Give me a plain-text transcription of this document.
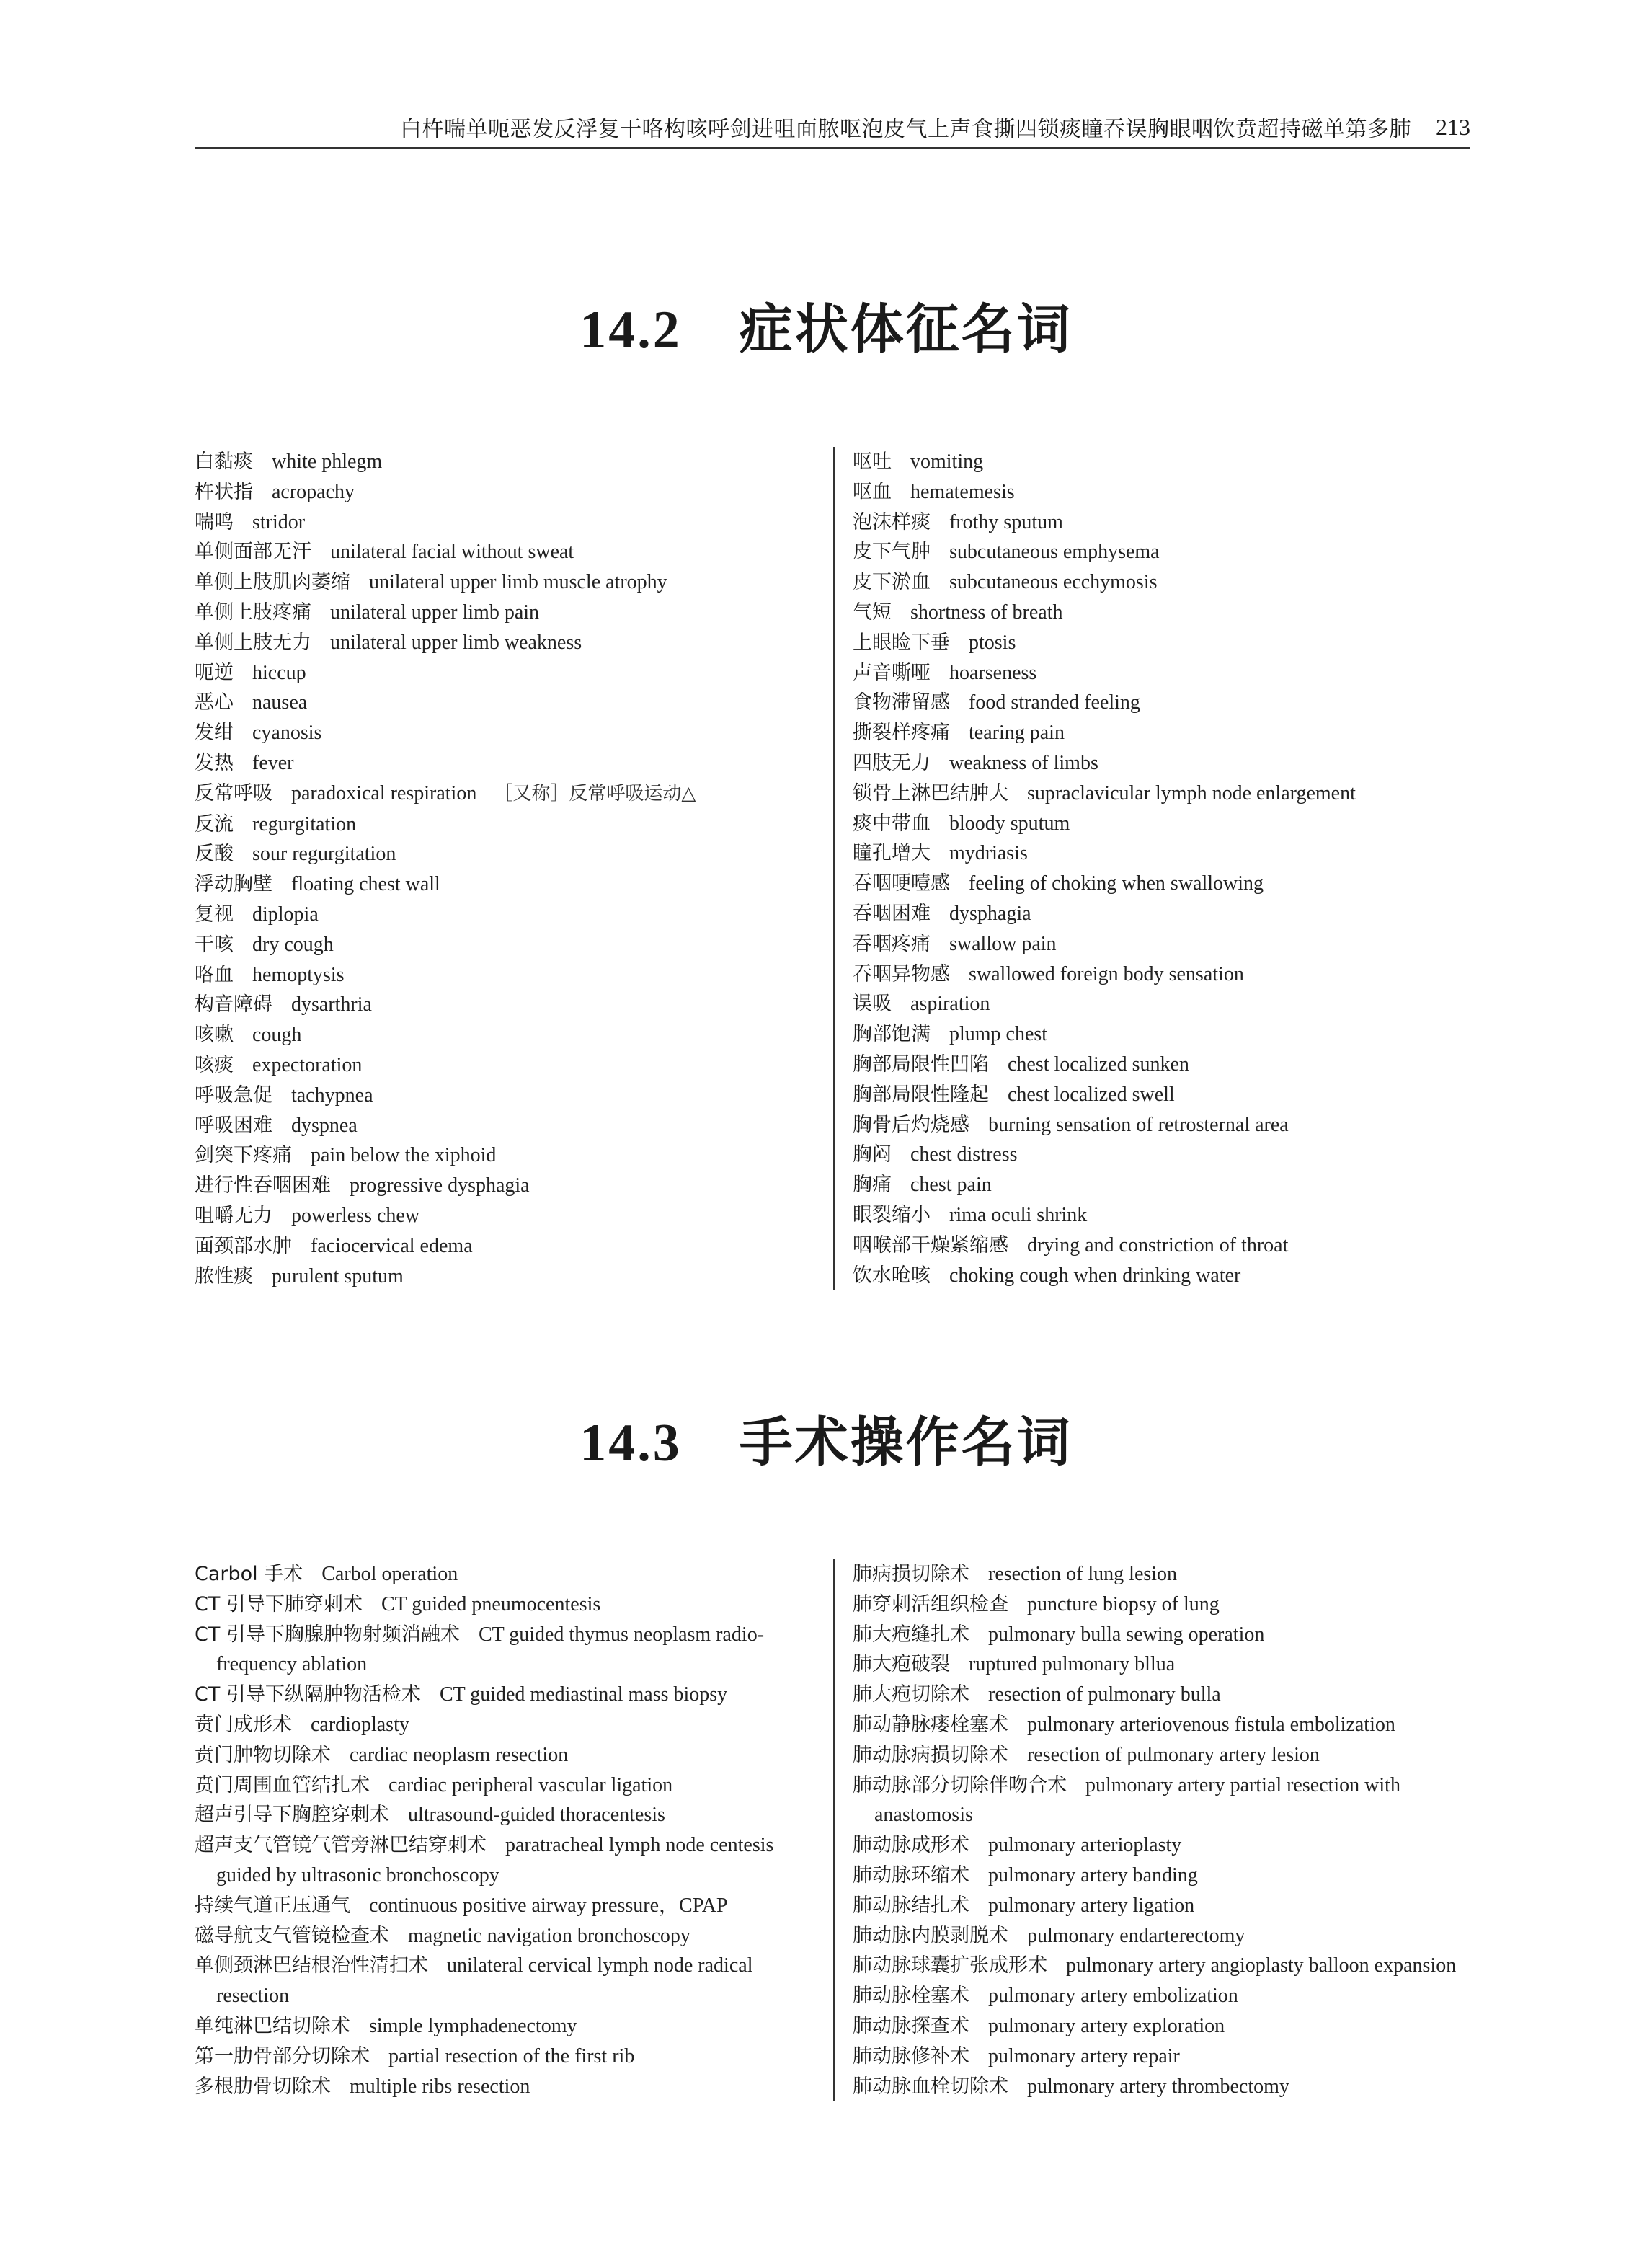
白杵喘单呃恶发反浮复干咯构咳呼剑进咀面脓呕泡皮气上声食撕四锁痰瞳吞误胸眼咽饮贲超持磁单第多肺 213
14.2 症状体征名词
白黏痰 white phlegm
杵状指 acropachy
喘鸣 stridor
单侧面部无汗 unilateral facial without sweat
单侧上肢肌肉萎缩 unilateral upper limb muscle atrophy
单侧上肢疼痛 unilateral upper limb pain
单侧上肢无力 unilateral upper limb weakness
呃逆 hiccup
恶心 nausea
发绀 cyanosis
发热 fever
反常呼吸 paradoxical respiration ［又称］反常呼吸运动△
反流 regurgitation
反酸 sour regurgitation
浮动胸壁 floating chest wall
复视 diplopia
干咳 dry cough
咯血 hemoptysis
构音障碍 dysarthria
咳嗽 cough
咳痰 expectoration
呼吸急促 tachypnea
呼吸困难 dyspnea
剑突下疼痛 pain below the xiphoid
进行性吞咽困难 progressive dysphagia
咀嚼无力 powerless chew
面颈部水肿 faciocervical edema
脓性痰 purulent sputum
呕吐 vomiting
呕血 hematemesis
泡沫样痰 frothy sputum
皮下气肿 subcutaneous emphysema
皮下淤血 subcutaneous ecchymosis
气短 shortness of breath
上眼睑下垂 ptosis
声音嘶哑 hoarseness
食物滞留感 food stranded feeling
撕裂样疼痛 tearing pain
四肢无力 weakness of limbs
锁骨上淋巴结肿大 supraclavicular lymph node enlargement
痰中带血 bloody sputum
瞳孔增大 mydriasis
吞咽哽噎感 feeling of choking when swallowing
吞咽困难 dysphagia
吞咽疼痛 swallow pain
吞咽异物感 swallowed foreign body sensation
误吸 aspiration
胸部饱满 plump chest
胸部局限性凹陷 chest localized sunken
胸部局限性隆起 chest localized swell
胸骨后灼烧感 burning sensation of retrosternal area
胸闷 chest distress
胸痛 chest pain
眼裂缩小 rima oculi shrink
咽喉部干燥紧缩感 drying and constriction of throat
饮水呛咳 choking cough when drinking water
14.3 手术操作名词
Carbol 手术 Carbol operation
CT 引导下肺穿刺术 CT guided pneumocentesis
CT 引导下胸腺肿物射频消融术 CT guided thymus neoplasm radio-
frequency ablation
CT 引导下纵隔肿物活检术 CT guided mediastinal mass biopsy
贲门成形术 cardioplasty
贲门肿物切除术 cardiac neoplasm resection
贲门周围血管结扎术 cardiac peripheral vascular ligation
超声引导下胸腔穿刺术 ultrasound-guided thoracentesis
超声支气管镜气管旁淋巴结穿刺术 paratracheal lymph node centesis
guided by ultrasonic bronchoscopy
持续气道正压通气 continuous positive airway pressure，CPAP
磁导航支气管镜检查术 magnetic navigation bronchoscopy
单侧颈淋巴结根治性清扫术 unilateral cervical lymph node radical
resection
单纯淋巴结切除术 simple lymphadenectomy
第一肋骨部分切除术 partial resection of the first rib
多根肋骨切除术 multiple ribs resection
肺病损切除术 resection of lung lesion
肺穿刺活组织检查 puncture biopsy of lung
肺大疱缝扎术 pulmonary bulla sewing operation
肺大疱破裂 ruptured pulmonary bllua
肺大疱切除术 resection of pulmonary bulla
肺动静脉瘘栓塞术 pulmonary arteriovenous fistula embolization
肺动脉病损切除术 resection of pulmonary artery lesion
肺动脉部分切除伴吻合术 pulmonary artery partial resection with
anastomosis
肺动脉成形术 pulmonary arterioplasty
肺动脉环缩术 pulmonary artery banding
肺动脉结扎术 pulmonary artery ligation
肺动脉内膜剥脱术 pulmonary endarterectomy
肺动脉球囊扩张成形术 pulmonary artery angioplasty balloon expansion
肺动脉栓塞术 pulmonary artery embolization
肺动脉探查术 pulmonary artery exploration
肺动脉修补术 pulmonary artery repair
肺动脉血栓切除术 pulmonary artery thrombectomy
